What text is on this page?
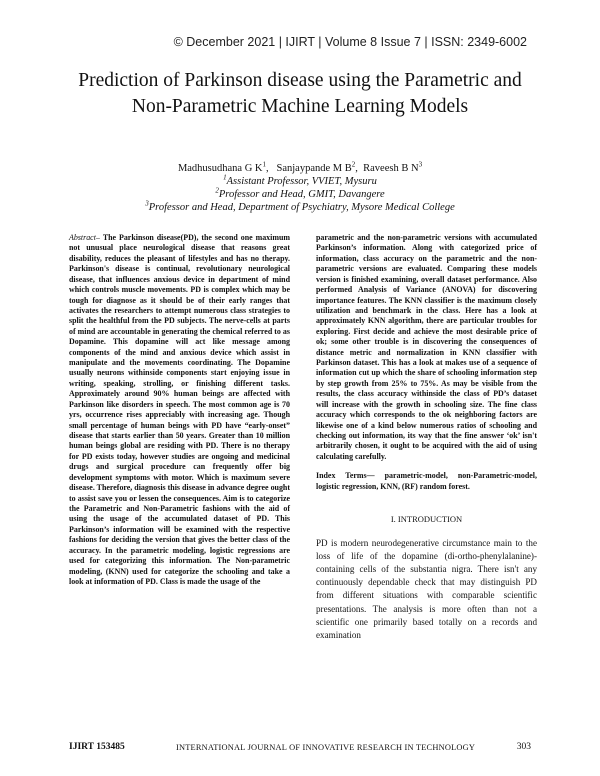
© December 2021 | IJIRT | Volume 8 Issue 7 | ISSN: 2349-6002
Prediction of Parkinson disease using the Parametric and
Non-Parametric Machine Learning Models
Madhusudhana G $K^1$,   Sanjaypande M $B^2$,  Raveesh B $N^3$
$^1$Assistant Professor, VVIET, Mysuru
$^2$Professor and Head, GMIT, Davangere
$^3$Professor and Head, Department of Psychiatry, Mysore Medical College

Abstract– The Parkinson disease(PD), the second one maximum not unusual place neurological disease that reasons great disability, reduces the pleasant of lifestyles and has no therapy. Parkinson's disease is continual, revolutionary neurological disease, that influences anxious device in department of mind which controls muscle movements. PD is complex which may be tough for diagnose as it should be of their early ranges that activates the researchers to attempt numerous class strategies to split the healthful from the PD subjects. The nerve-cells at parts of mind are accountable in generating the chemical referred to as Dopamine. This dopamine will act like message among components of the mind and anxious device which assist in manipulate and the movements coordinating. The Dopamine usually neurons withinside components start enjoying issue in writing, speaking, strolling, or finishing different tasks. Approximately around 90% human beings are affected with Parkinson like disorders in speech. The most common age is 70 yrs, occurrence rises appreciably with increasing age. Though small percentage of human beings with PD have “early-onset” disease that starts earlier than 50 years. Greater than 10 million human beings global are residing with PD. There is no therapy for PD exists today, however studies are ongoing and medicinal drugs and surgical procedure can frequently offer big development symptoms with motor. Which is maximum severe disease. Therefore, diagnosis this disease in advance degree ought to assist save you or lessen the consequences. Aim is to categorize the Parametric and Non-Parametric fashions with the aid of using the usage of the accumulated dataset of PD. This Parkinson’s information will be examined with the respective fashions for deciding the version that gives the better class of the accuracy. In the parametric modeling, logistic regressions are used for categorizing this information. The Non-parametric modeling, (KNN) used for categorize the schooling and take a look at information of PD. Class is made the usage of the

parametric and the non-parametric versions with accumulated Parkinson’s information. Along with categorized price of information, class accuracy on the parametric and the non-parametric versions are evaluated. Comparing these models version is finished examining, overall dataset performance. Also performed Analysis of Variance (ANOVA) for discovering importance features. The KNN classifier is the maximum closely utilization and benchmark in the class. Here has a look at approximately KNN algorithm, there are particular troubles for exploring. First decide and achieve the most desirable price of ok; some other trouble is in discovering the consequences of distance metric and normalization in KNN classifier with Parkinson dataset. This has a look at makes use of a sequence of information cut up which the share of schooling information step by step growth from 25% to 75%. As may be visible from the results, the class accuracy withinside the class of PD’s dataset will increase with the growth in schooling size. The fine class accuracy which corresponds to the ok neighboring factors are likewise one of a kind below numerous ratios of schooling and checking out information, its way that the fine answer ‘ok’ isn't arbitrarily chosen, it ought to be acquired with the aid of using calculating carefully.

Index Terms— parametric-model, non-Parametric-model, logistic regression, KNN, (RF) random forest.

I. INTRODUCTION

PD is modern neurodegenerative circumstance main to the loss of life of the dopamine (di-ortho-phenylalanine)-containing cells of the substantia nigra. There isn't any continuously dependable check that may distinguish PD from different situations with comparable scientific presentations. The analysis is more often than not a scientific one primarily based totally on a records and examination

IJIRT 153485	INTERNATIONAL JOURNAL OF INNOVATIVE RESEARCH IN TECHNOLOGY	303
